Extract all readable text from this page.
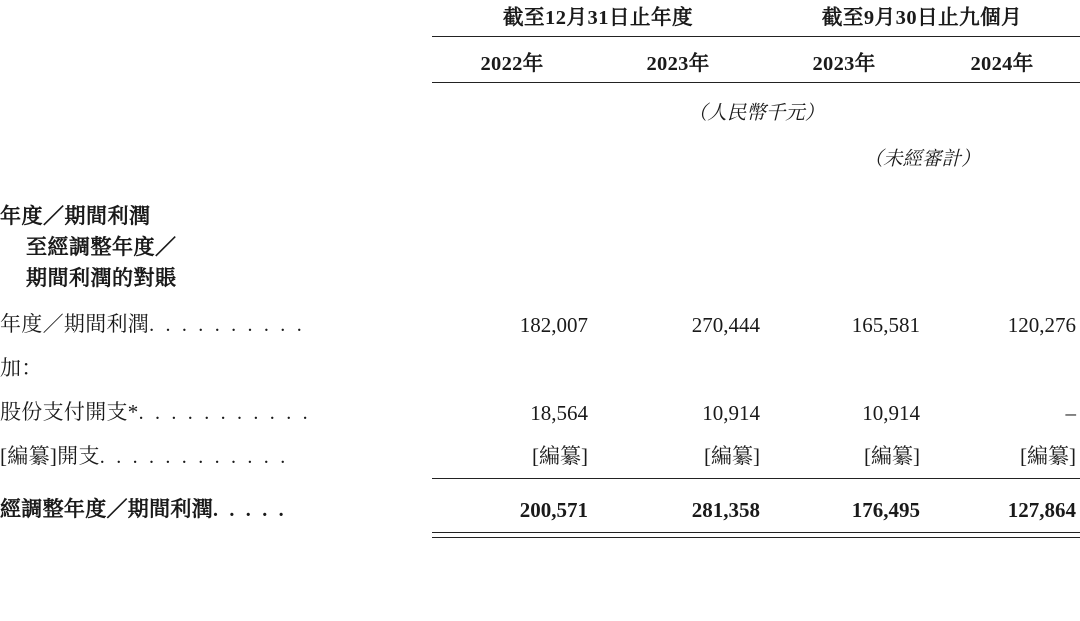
	截至12月31日止年度		截至9月30日止九個月	

	2022年	2023年	2023年	2024年

	（人民幣千元）			
			（未經審計）	
年度／期間利潤
至經調整年度／
期間利潤的對賬				

年度／期間利潤. . . . . . . . . .	182,007	270,444	165,581	120,276
加：				
股份支付開支*. . . . . . . . . . .	18,564	10,914	10,914	–
[編纂]開支. . . . . . . . . . . .	[編纂]	[編纂]	[編纂]	[編纂]

經調整年度／期間利潤. . . . .	200,571	281,358	176,495	127,864
